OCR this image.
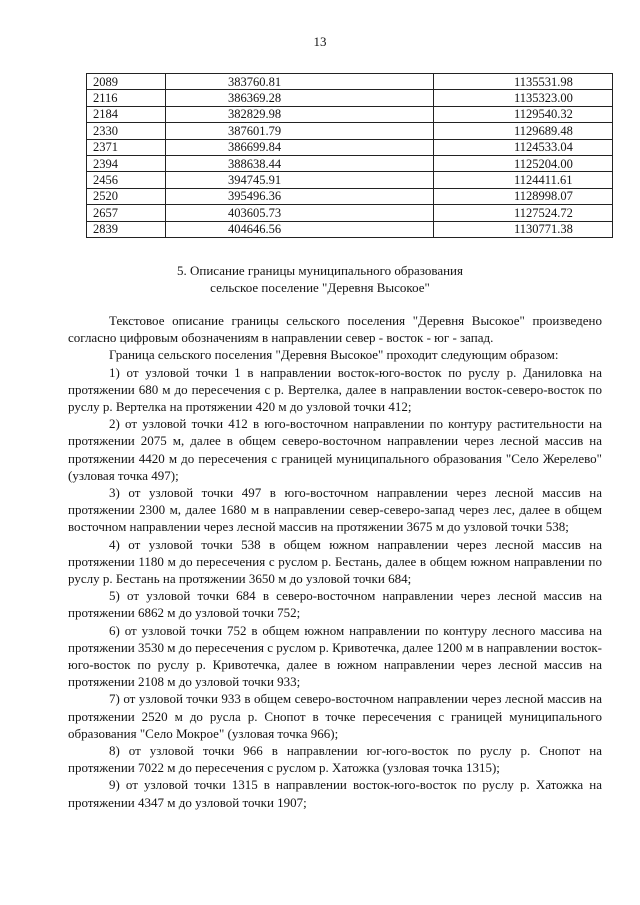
13
2089	383760.81	1135531.98
2116	386369.28	1135323.00
2184	382829.98	1129540.32
2330	387601.79	1129689.48
2371	386699.84	1124533.04
2394	388638.44	1125204.00
2456	394745.91	1124411.61
2520	395496.36	1128998.07
2657	403605.73	1127524.72
2839	404646.56	1130771.38
5. Описание границы муниципального образования
сельское поселение "Деревня Высокое"

Текстовое описание границы сельского поселения "Деревня Высокое" произведено согласно цифровым обозначениям в направлении север - восток - юг - запад.

Граница сельского поселения "Деревня Высокое" проходит следующим образом:

1) от узловой точки 1 в направлении восток-юго-восток по руслу р. Даниловка на протяжении 680 м до пересечения с р. Вертелка, далее в направлении восток-северо-восток по руслу р. Вертелка на протяжении 420 м до узловой точки 412;

2) от узловой точки 412 в юго-восточном направлении по контуру растительности на протяжении 2075 м, далее в общем северо-восточном направлении через лесной массив на протяжении 4420 м до пересечения с границей муниципального образования "Село Жерелево" (узловая точка 497);

3) от узловой точки 497 в юго-восточном направлении через лесной массив на протяжении 2300 м, далее 1680 м в направлении север-северо-запад через лес, далее в общем восточном направлении через лесной массив на протяжении 3675 м до узловой точки 538;

4) от узловой точки 538 в общем южном направлении через лесной массив на протяжении 1180 м до пересечения с руслом р. Бестань, далее в общем южном направлении по руслу р. Бестань на протяжении 3650 м до узловой точки 684;

5) от узловой точки 684 в северо-восточном направлении через лесной массив на протяжении 6862 м до узловой точки 752;

6) от узловой точки 752 в общем южном направлении по контуру лесного массива на протяжении 3530 м до пересечения с руслом р. Кривотечка, далее 1200 м в направлении восток-юго-восток по руслу р. Кривотечка, далее в южном направлении через лесной массив на протяжении 2108 м до узловой точки 933;

7) от узловой точки 933 в общем северо-восточном направлении через лесной массив на протяжении 2520 м до русла р. Снопот в точке пересечения с границей муниципального образования "Село Мокрое" (узловая точка 966);

8) от узловой точки 966 в направлении юг-юго-восток по руслу р. Снопот на протяжении 7022 м до пересечения с руслом р. Хатожка (узловая точка 1315);

9) от узловой точки 1315 в направлении восток-юго-восток по руслу р. Хатожка на протяжении 4347 м до узловой точки 1907;
